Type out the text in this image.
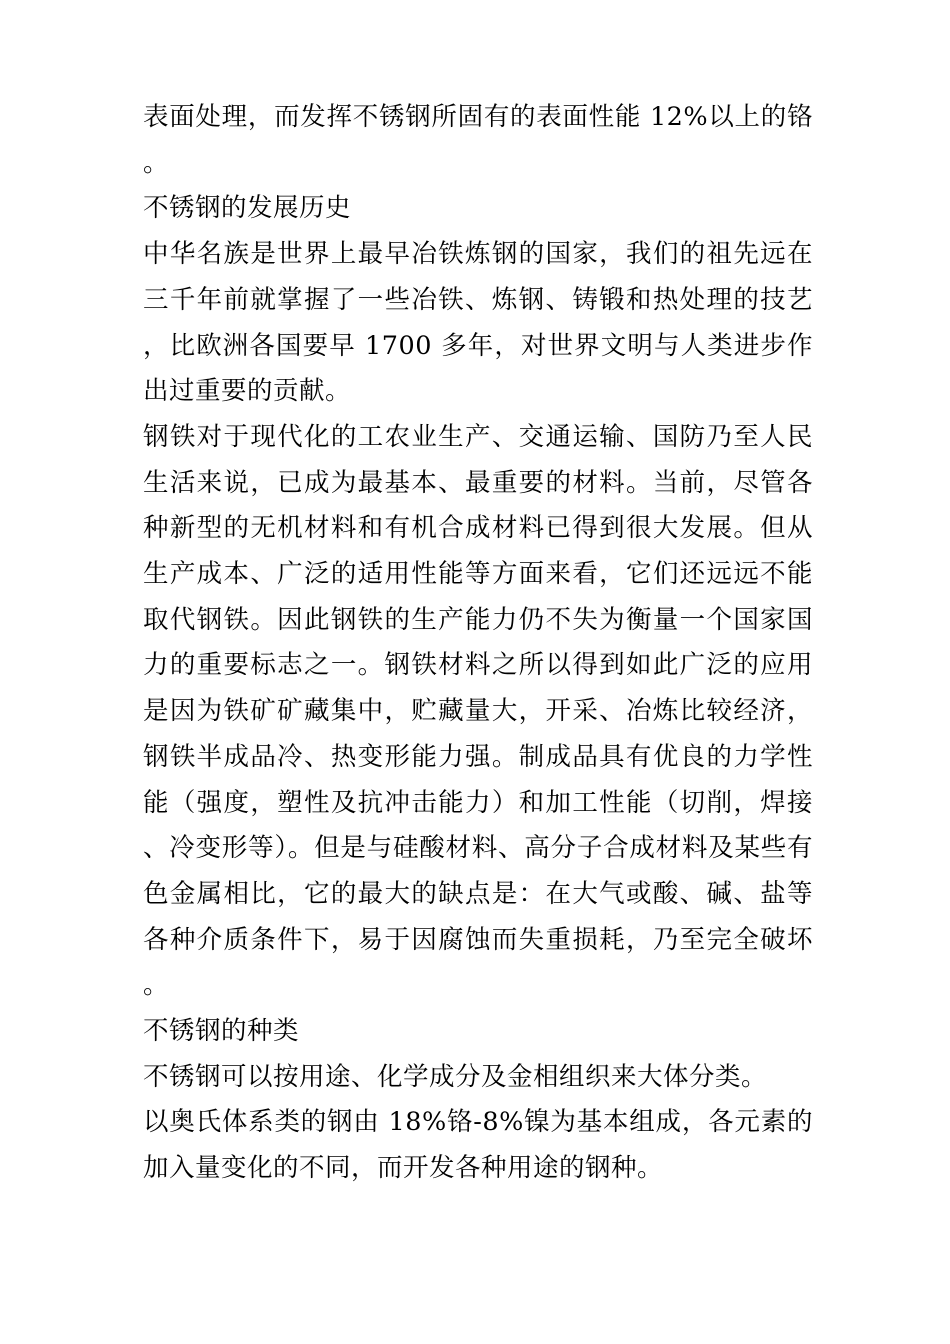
表面处理，而发挥不锈钢所固有的表面性能 12%以上的铬。

不锈钢的发展历史

中华名族是世界上最早冶铁炼钢的国家，我们的祖先远在三千年前就掌握了一些冶铁、炼钢、铸锻和热处理的技艺，比欧洲各国要早 1700 多年，对世界文明与人类进步作出过重要的贡献。

钢铁对于现代化的工农业生产、交通运输、国防乃至人民生活来说，已成为最基本、最重要的材料。当前，尽管各种新型的无机材料和有机合成材料已得到很大发展。但从生产成本、广泛的适用性能等方面来看，它们还远远不能取代钢铁。因此钢铁的生产能力仍不失为衡量一个国家国力的重要标志之一。钢铁材料之所以得到如此广泛的应用是因为铁矿矿藏集中，贮藏量大，开采、冶炼比较经济，钢铁半成品冷、热变形能力强。制成品具有优良的力学性能（强度，塑性及抗冲击能力）和加工性能（切削，焊接、冷变形等）。但是与硅酸材料、高分子合成材料及某些有色金属相比，它的最大的缺点是：在大气或酸、碱、盐等各种介质条件下，易于因腐蚀而失重损耗，乃至完全破坏。

不锈钢的种类

不锈钢可以按用途、化学成分及金相组织来大体分类。

以奥氏体系类的钢由 18%铬-8%镍为基本组成，各元素的加入量变化的不同，而开发各种用途的钢种。
